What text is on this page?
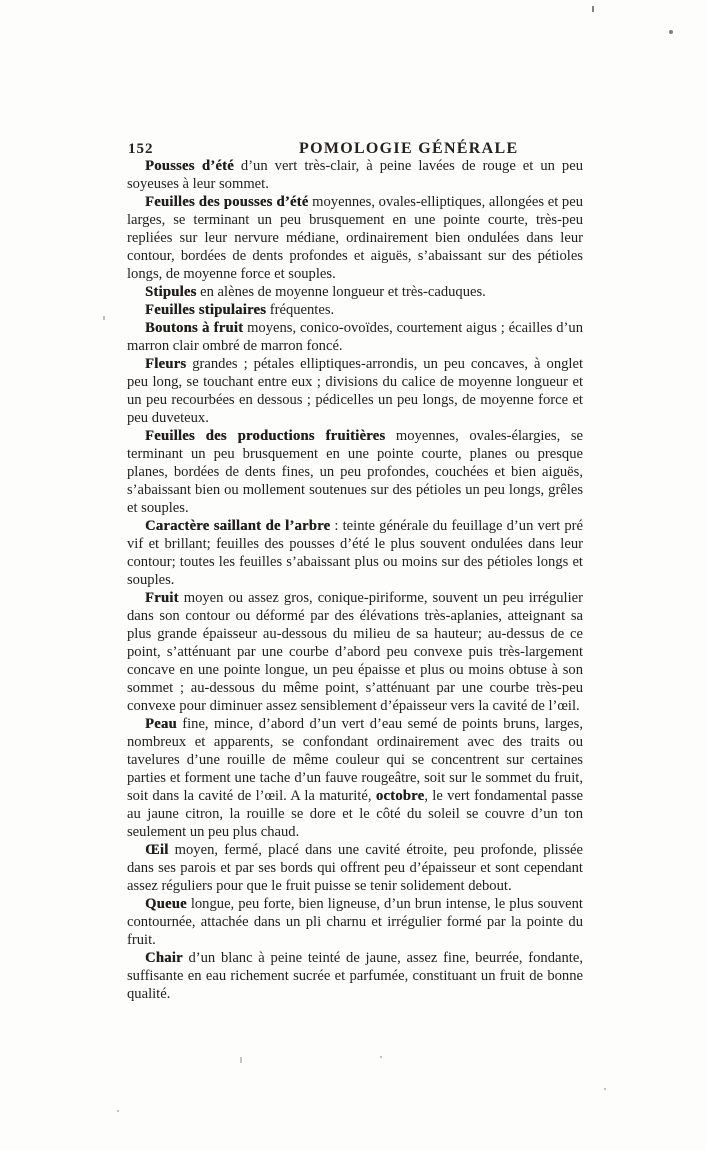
152	POMOLOGIE GÉNÉRALE

Pousses d’été d’un vert très-clair, à peine lavées de rouge et un peu soyeuses à leur sommet.

Feuilles des pousses d’été moyennes, ovales-elliptiques, allongées et peu larges, se terminant un peu brusquement en une pointe courte, très-peu repliées sur leur nervure médiane, ordinairement bien ondulées dans leur contour, bordées de dents profondes et aiguës, s’abaissant sur des pétioles longs, de moyenne force et souples.

Stipules en alènes de moyenne longueur et très-caduques.

Feuilles stipulaires fréquentes.

Boutons à fruit moyens, conico-ovoïdes, courtement aigus ; écailles d’un marron clair ombré de marron foncé.

Fleurs grandes ; pétales elliptiques-arrondis, un peu concaves, à onglet peu long, se touchant entre eux ; divisions du calice de moyenne longueur et un peu recourbées en dessous ; pédicelles un peu longs, de moyenne force et peu duveteux.

Feuilles des productions fruitières moyennes, ovales-élargies, se terminant un peu brusquement en une pointe courte, planes ou presque planes, bordées de dents fines, un peu profondes, couchées et bien aiguës, s’abaissant bien ou mollement soutenues sur des pétioles un peu longs, grêles et souples.

Caractère saillant de l’arbre : teinte générale du feuillage d’un vert pré vif et brillant; feuilles des pousses d’été le plus souvent ondulées dans leur contour; toutes les feuilles s’abaissant plus ou moins sur des pétioles longs et souples.

Fruit moyen ou assez gros, conique-piriforme, souvent un peu irrégulier dans son contour ou déformé par des élévations très-aplanies, atteignant sa plus grande épaisseur au-dessous du milieu de sa hauteur; au-dessus de ce point, s’atténuant par une courbe d’abord peu convexe puis très-largement concave en une pointe longue, un peu épaisse et plus ou moins obtuse à son sommet ; au-dessous du même point, s’atténuant par une courbe très-peu convexe pour diminuer assez sensiblement d’épaisseur vers la cavité de l’œil.

Peau fine, mince, d’abord d’un vert d’eau semé de points bruns, larges, nombreux et apparents, se confondant ordinairement avec des traits ou tavelures d’une rouille de même couleur qui se concentrent sur certaines parties et forment une tache d’un fauve rougeâtre, soit sur le sommet du fruit, soit dans la cavité de l’œil. A la maturité, octobre, le vert fondamental passe au jaune citron, la rouille se dore et le côté du soleil se couvre d’un ton seulement un peu plus chaud.

Œil moyen, fermé, placé dans une cavité étroite, peu profonde, plissée dans ses parois et par ses bords qui offrent peu d’épaisseur et sont cependant assez réguliers pour que le fruit puisse se tenir solidement debout.

Queue longue, peu forte, bien ligneuse, d’un brun intense, le plus souvent contournée, attachée dans un pli charnu et irrégulier formé par la pointe du fruit.

Chair d’un blanc à peine teinté de jaune, assez fine, beurrée, fondante, suffisante en eau richement sucrée et parfumée, constituant un fruit de bonne qualité.
